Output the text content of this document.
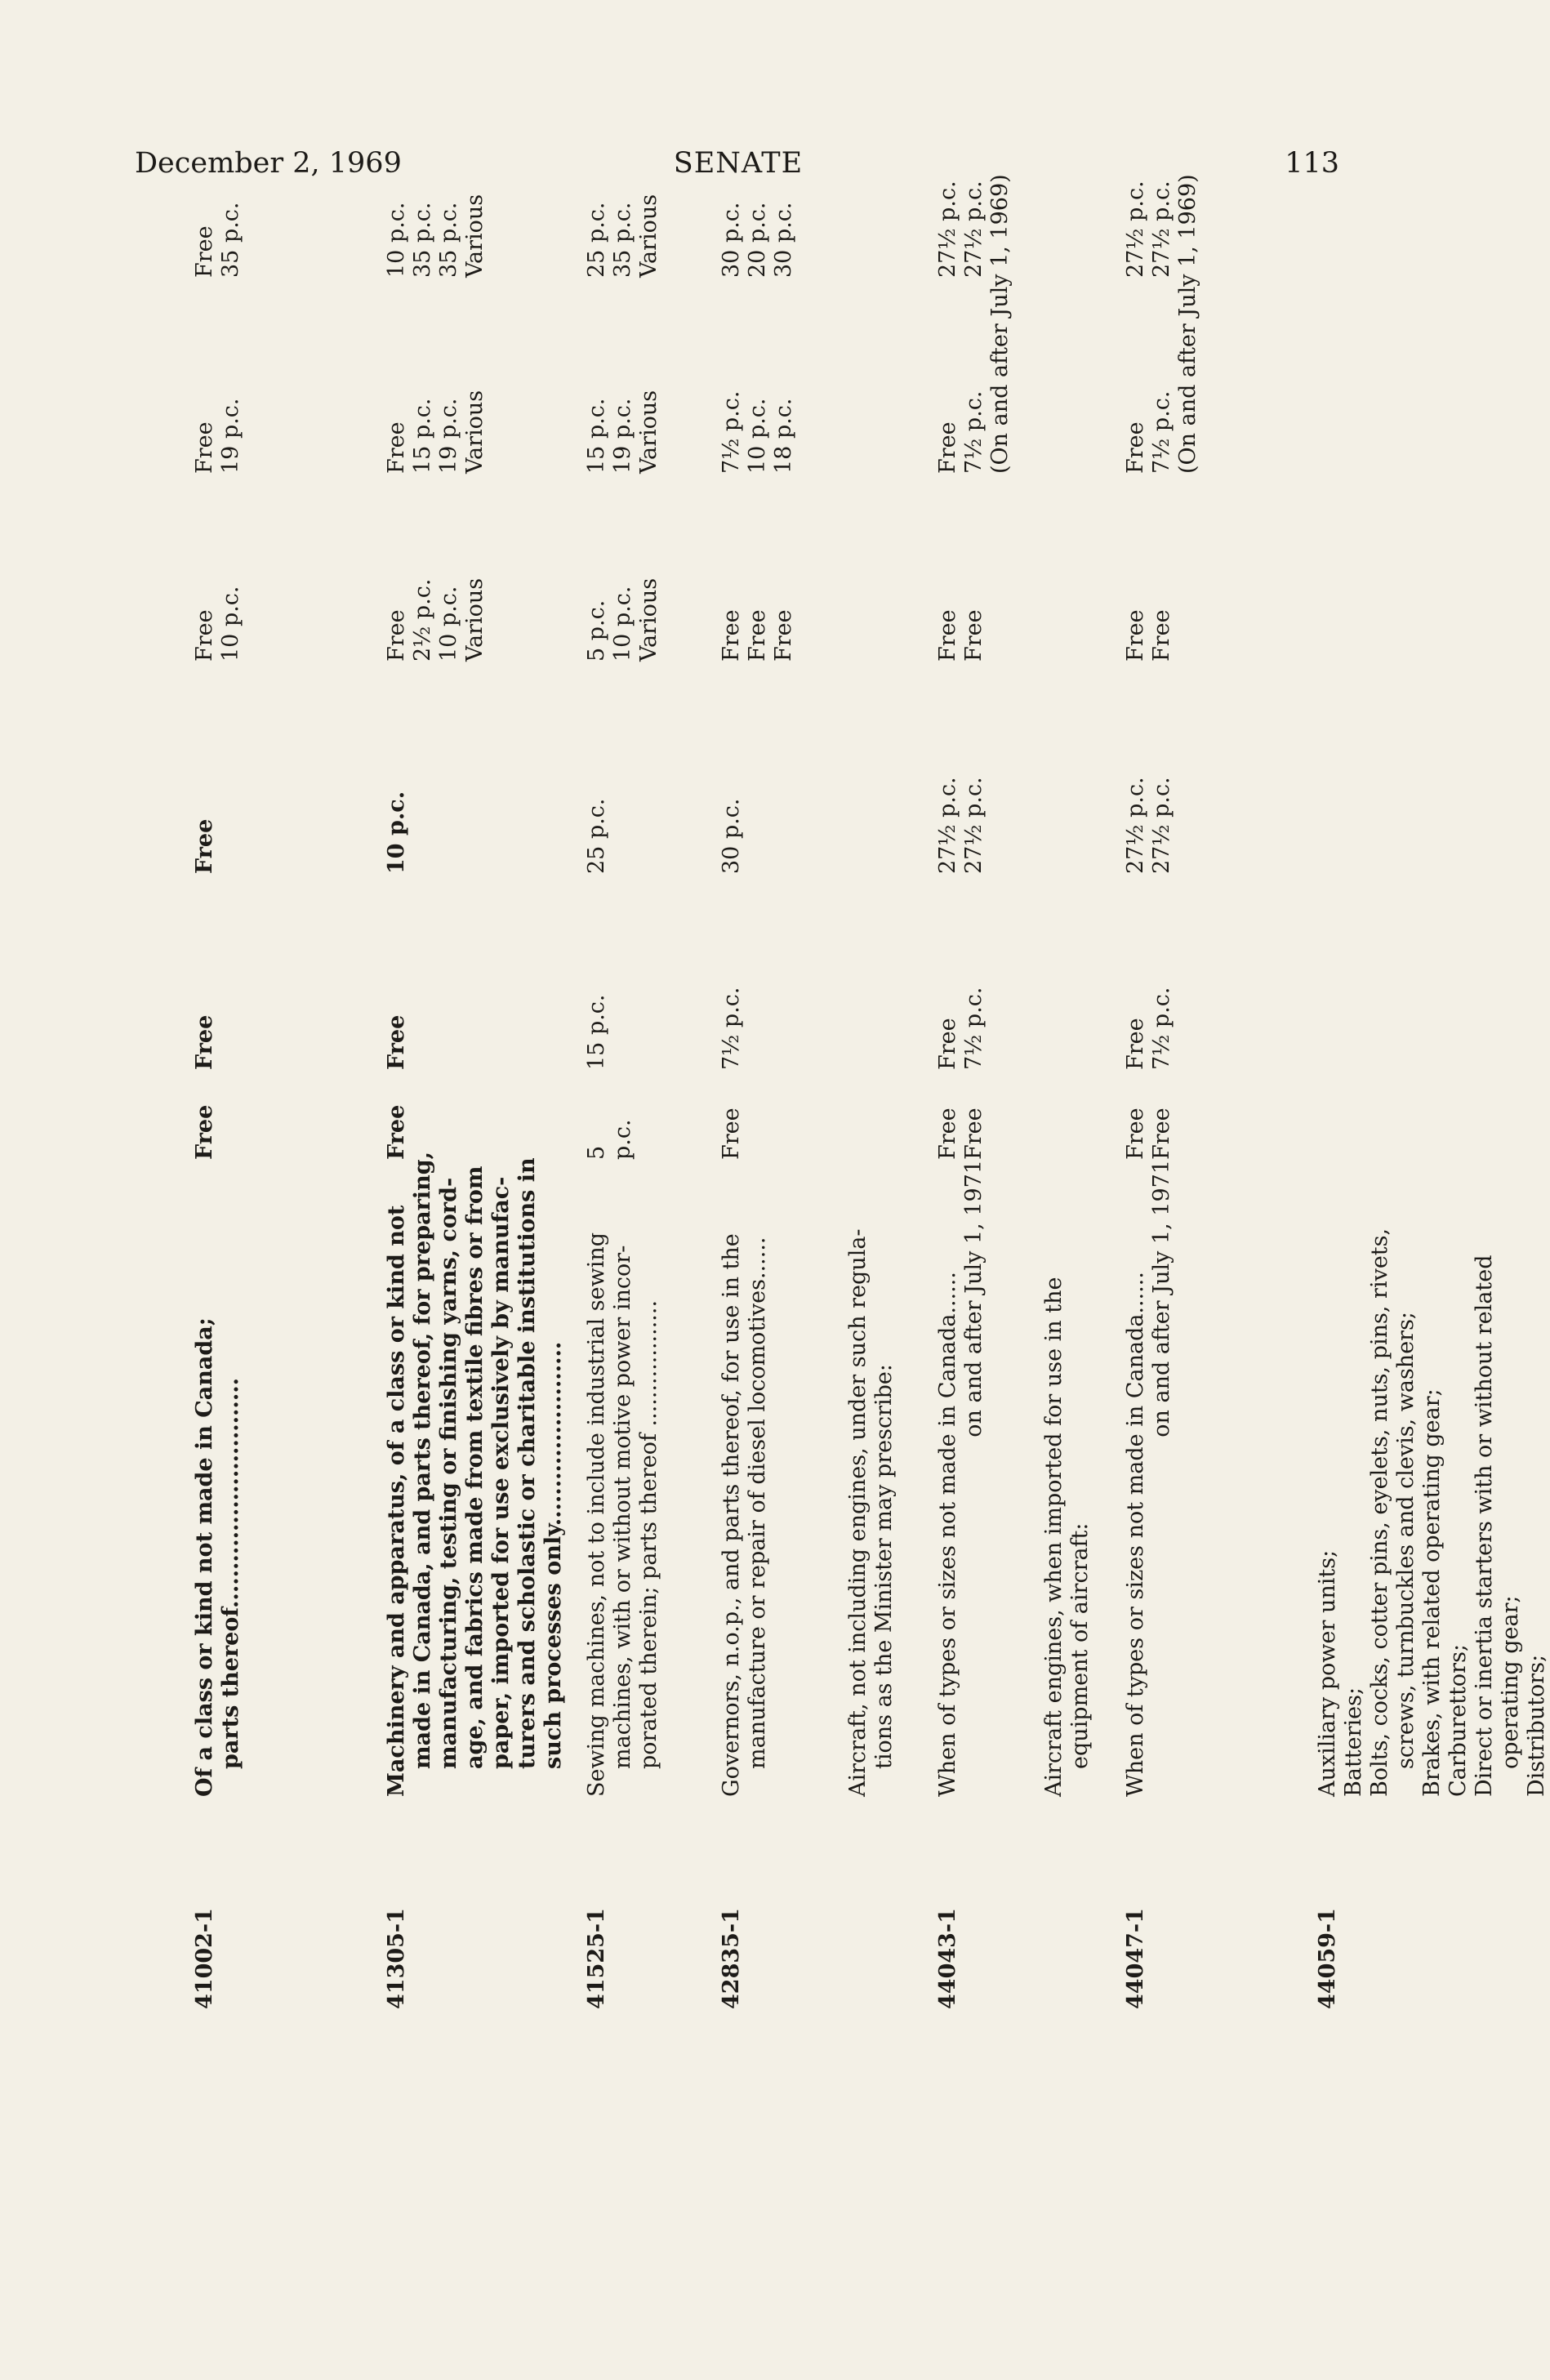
December 2, 1969	SENATE	113
41002-1
Of a class or kind not made in Canada; parts thereof..............................
Free
Free
Free
Free 10 p.c.
Free 19 p.c.
Free 35 p.c.
41305-1
Machinery and apparatus, of a class or kind not made in Canada, and parts thereof, for preparing, manufacturing, testing or finishing yarns, cord- age, and fabrics made from textile fibres or from paper, imported for use exclusively by manufac- turers and scholastic or charitable institutions in such processes only........................
Free
Free
10 p.c.
Free 2½ p.c. 10 p.c. Various
Free 15 p.c. 19 p.c. Various
10 p.c. 35 p.c. 35 p.c. Various
41525-1
Sewing machines, not to include industrial sewing machines, with or without motive power incor- porated therein; parts thereof ..................
5 p.c.
15 p.c.
25 p.c.
5 p.c. 10 p.c. Various
15 p.c. 19 p.c. Various
25 p.c. 35 p.c. Various
42835-1
Governors, n.o.p., and parts thereof, for use in the manufacture or repair of diesel locomotives......
Free
7½ p.c.
30 p.c.
Free Free Free
7½ p.c. 10 p.c. 18 p.c.
30 p.c. 20 p.c. 30 p.c.
Aircraft, not including engines, under such regula- tions as the Minister may prescribe:
44043-1
When of types or sizes not made in Canada...... on and after July 1, 1971
Free Free
Free 7½ p.c.
27½ p.c. 27½ p.c.
Free Free
Free 7½ p.c.
27½ p.c. 27½ p.c. (On and after July 1, 1969)
Aircraft engines, when imported for use in the equipment of aircraft:
44047-1
When of types or sizes not made in Canada...... on and after July 1, 1971
Free Free
Free 7½ p.c.
27½ p.c. 27½ p.c.
Free Free
Free 7½ p.c.
27½ p.c. 27½ p.c. (On and after July 1, 1969)
44059-1
Auxiliary power units; Batteries; Bolts, cocks, cotter pins, eyelets, nuts, pins, rivets, screws, turnbuckles and clevis, washers; Brakes, with related operating gear; Carburettors; Direct or inertia starters with or without related operating gear; Distributors;
